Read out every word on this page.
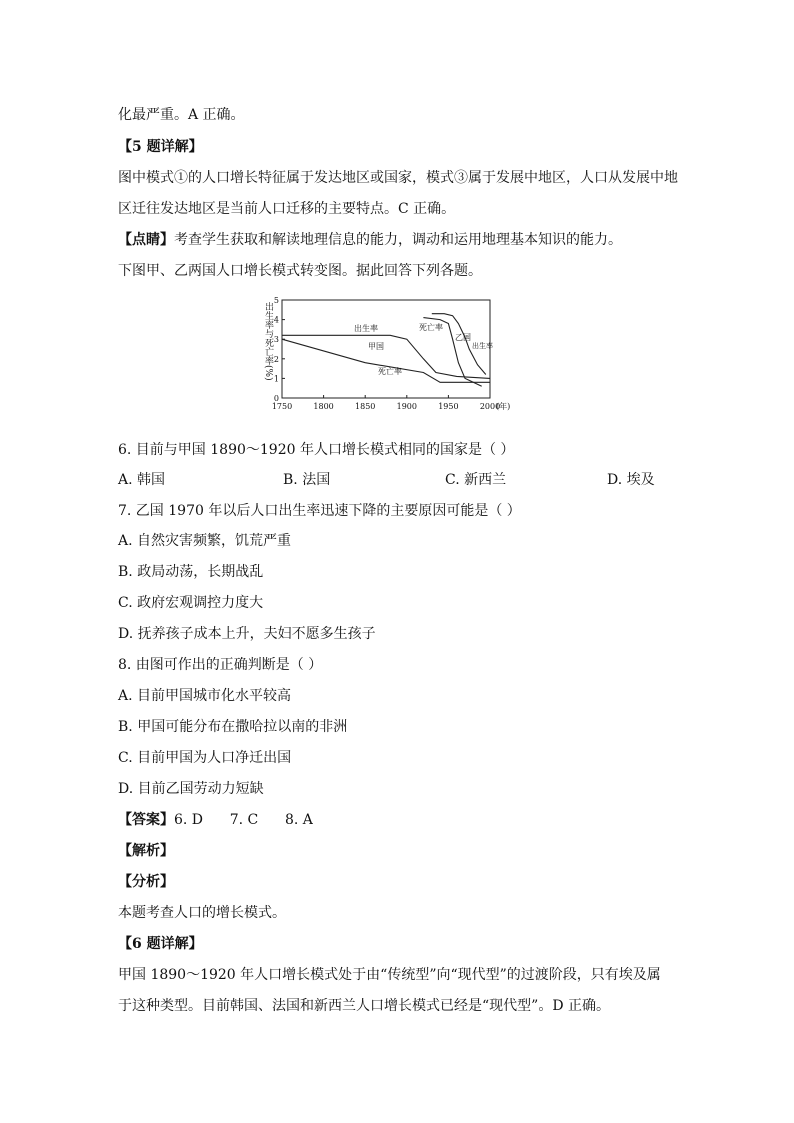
化最严重。A 正确。
【5 题详解】
图中模式①的人口增长特征属于发达地区或国家，模式③属于发展中地区，人口从发展中地
区迁往发达地区是当前人口迁移的主要特点。C 正确。
【点睛】考查学生获取和解读地理信息的能力，调动和运用地理基本知识的能力。
下图甲、乙两国人口增长模式转变图。据此回答下列各题。
0
1
2
3
4
5
1750	1800	1850	1900	1950	2000
出生率与死亡率(%)
(年)
出生率
甲国
死亡率
死亡率
乙国
出生率
6. 目前与甲国 1890～1920 年人口增长模式相同的国家是（ ）
A. 韩国	B. 法国	C. 新西兰	D. 埃及
7. 乙国 1970 年以后人口出生率迅速下降的主要原因可能是（ ）
A. 自然灾害频繁，饥荒严重
B. 政局动荡，长期战乱
C. 政府宏观调控力度大
D. 抚养孩子成本上升，夫妇不愿多生孩子
8. 由图可作出的正确判断是（ ）
A. 目前甲国城市化水平较高
B. 甲国可能分布在撒哈拉以南的非洲
C. 目前甲国为人口净迁出国
D. 目前乙国劳动力短缺
【答案】6. D      7. C      8. A
【解析】
【分析】
本题考查人口的增长模式。
【6 题详解】
甲国 1890～1920 年人口增长模式处于由“传统型”向“现代型”的过渡阶段，只有埃及属
于这种类型。目前韩国、法国和新西兰人口增长模式已经是“现代型”。D 正确。
